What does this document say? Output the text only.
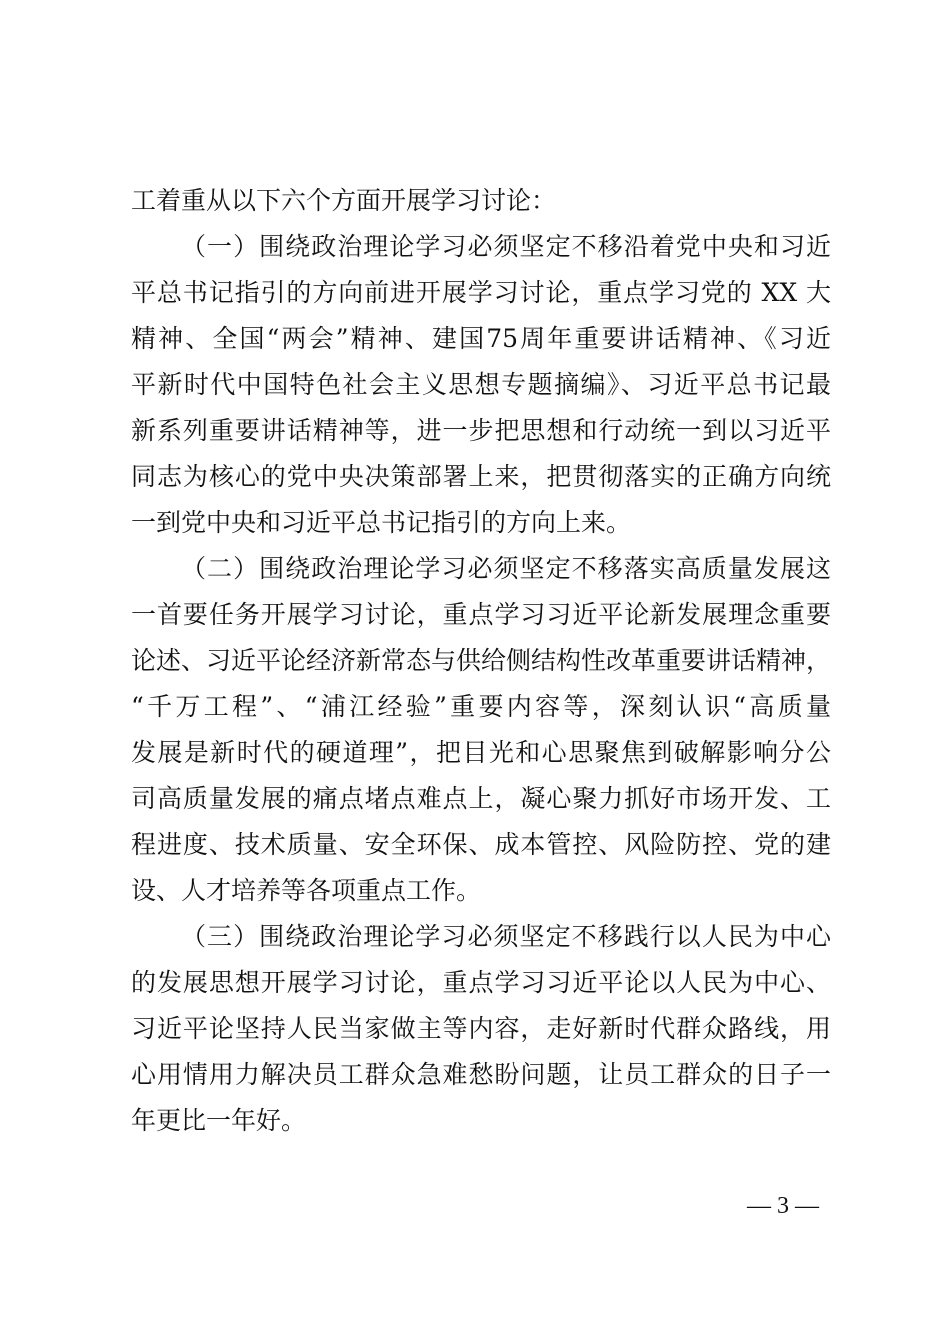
工着重从以下六个方面开展学习讨论：
（一）围绕政治理论学习必须坚定不移沿着党中央和习近
平总书记指引的方向前进开展学习讨论，重点学习党的 XX 大
精神、全国“两会”精神、建国75周年重要讲话精神、《习近
平新时代中国特色社会主义思想专题摘编》、习近平总书记最
新系列重要讲话精神等，进一步把思想和行动统一到以习近平
同志为核心的党中央决策部署上来，把贯彻落实的正确方向统
一到党中央和习近平总书记指引的方向上来。
（二）围绕政治理论学习必须坚定不移落实高质量发展这
一首要任务开展学习讨论，重点学习习近平论新发展理念重要
论述、习近平论经济新常态与供给侧结构性改革重要讲话精神，
“千万工程”、“浦江经验”重要内容等，深刻认识“高质量
发展是新时代的硬道理”，把目光和心思聚焦到破解影响分公
司高质量发展的痛点堵点难点上，凝心聚力抓好市场开发、工
程进度、技术质量、安全环保、成本管控、风险防控、党的建
设、人才培养等各项重点工作。
（三）围绕政治理论学习必须坚定不移践行以人民为中心
的发展思想开展学习讨论，重点学习习近平论以人民为中心、
习近平论坚持人民当家做主等内容，走好新时代群众路线，用
心用情用力解决员工群众急难愁盼问题，让员工群众的日子一
年更比一年好。
— 3 —
